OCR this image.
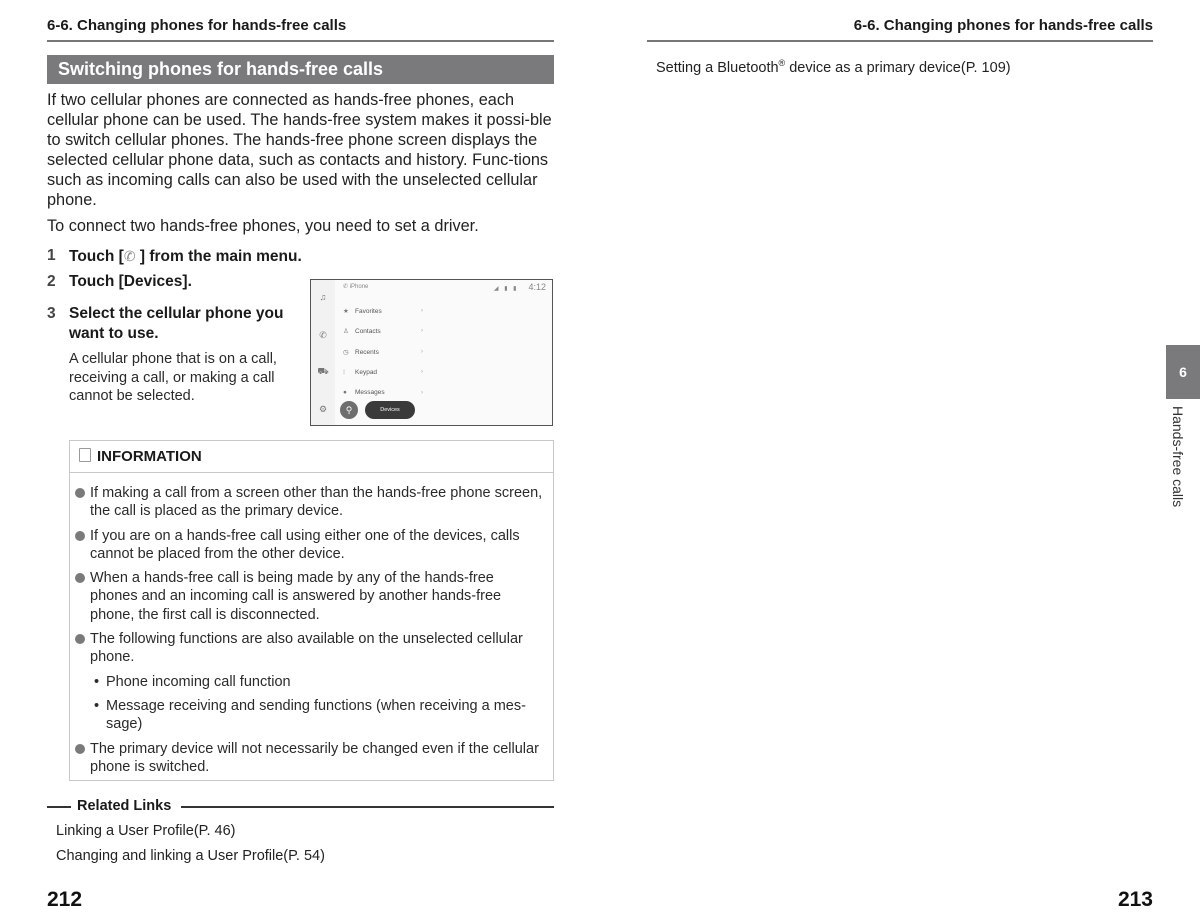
6-6. Changing phones for hands-free calls
Switching phones for hands-free calls

If two cellular phones are connected as hands-free phones, each cellular phone can be used. The hands-free system makes it possi-ble to switch cellular phones. The hands-free phone screen displays the selected cellular phone data, such as contacts and history. Func-tions such as incoming calls can also be used with the unselected cellular phone.

To connect two hands-free phones, you need to set a driver.

1 Touch [✆ ] from the main menu.
2 Touch [Devices].
3 Select the cellular phone you want to use.
A cellular phone that is on a call, receiving a call, or making a call cannot be selected.
♫
✆
⛟
⚙
✆ iPhone	◢ ▮ ▮ 4:12
★ Favorites	›
♙ Contacts	›
◷ Recents	›
⁝ Keypad	›
● Messages	›
⚲	Devices
INFORMATION
If making a call from a screen other than the hands-free phone screen, the call is placed as the primary device.
If you are on a hands-free call using either one of the devices, calls cannot be placed from the other device.
When a hands-free call is being made by any of the hands-free phones and an incoming call is answered by another hands-free phone, the first call is disconnected.
The following functions are also available on the unselected cellular phone.
• Phone incoming call function
• Message receiving and sending functions (when receiving a mes-sage)
The primary device will not necessarily be changed even if the cellular phone is switched.
Related Links
Linking a User Profile(P. 46)
Changing and linking a User Profile(P. 54)
212
6-6. Changing phones for hands-free calls
Setting a Bluetooth® device as a primary device(P. 109)
213
6
Hands-free calls
